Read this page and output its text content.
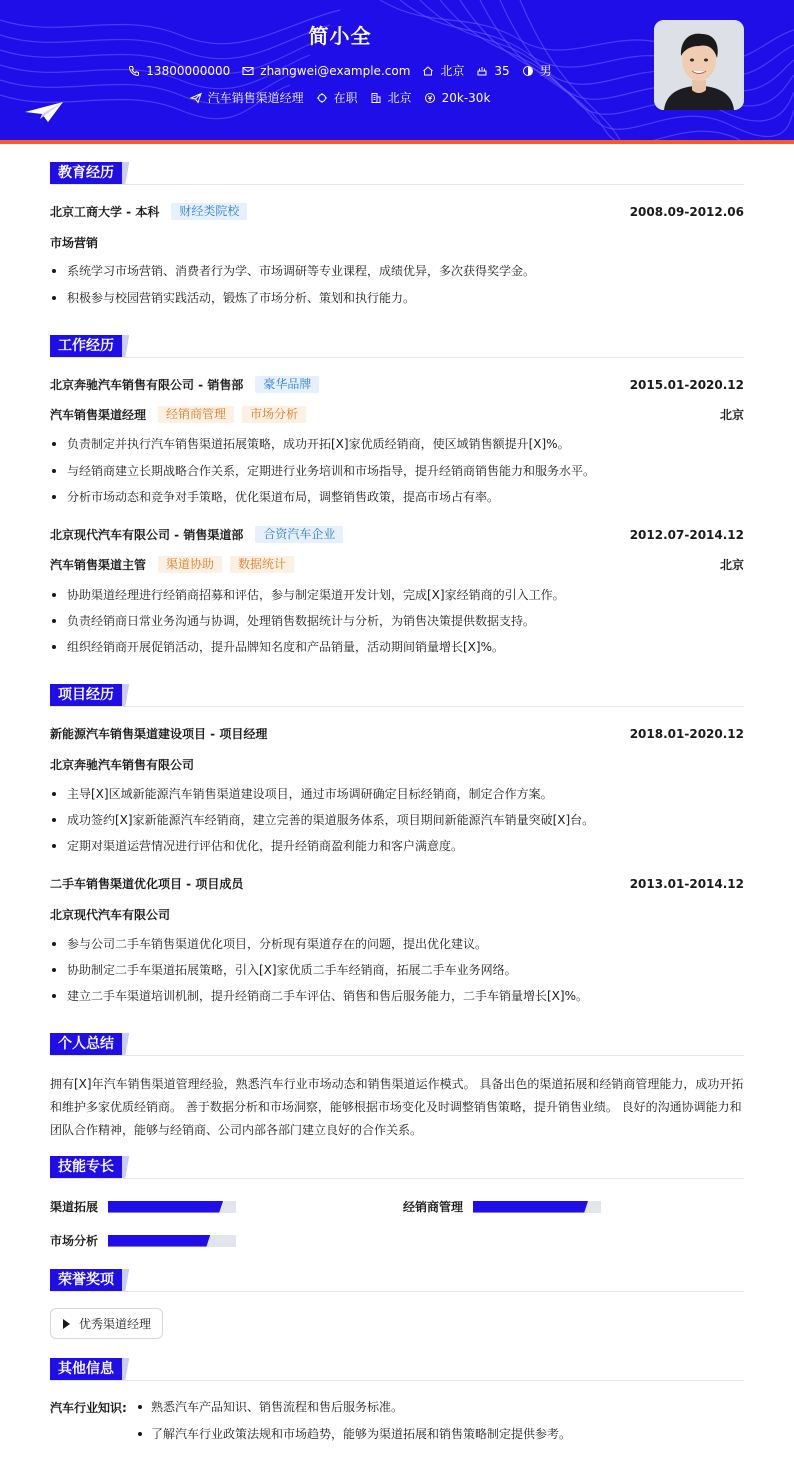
简小全
13800000000	zhangwei@example.com	北京	35	男
汽车销售渠道经理	在职	北京	20k-30k
教育经历
北京工商大学 - 本科	财经类院校	2008.09-2012.06
市场营销
系统学习市场营销、消费者行为学、市场调研等专业课程，成绩优异，多次获得奖学金。
积极参与校园营销实践活动，锻炼了市场分析、策划和执行能力。
工作经历
北京奔驰汽车销售有限公司 - 销售部	豪华品牌	2015.01-2020.12
汽车销售渠道经理	经销商管理	市场分析	北京
负责制定并执行汽车销售渠道拓展策略，成功开拓[X]家优质经销商，使区域销售额提升[X]%。
与经销商建立长期战略合作关系，定期进行业务培训和市场指导，提升经销商销售能力和服务水平。
分析市场动态和竞争对手策略，优化渠道布局，调整销售政策，提高市场占有率。
北京现代汽车有限公司 - 销售渠道部	合资汽车企业	2012.07-2014.12
汽车销售渠道主管	渠道协助	数据统计	北京
协助渠道经理进行经销商招募和评估，参与制定渠道开发计划，完成[X]家经销商的引入工作。
负责经销商日常业务沟通与协调，处理销售数据统计与分析，为销售决策提供数据支持。
组织经销商开展促销活动，提升品牌知名度和产品销量，活动期间销量增长[X]%。
项目经历
新能源汽车销售渠道建设项目 - 项目经理	2018.01-2020.12
北京奔驰汽车销售有限公司
主导[X]区域新能源汽车销售渠道建设项目，通过市场调研确定目标经销商，制定合作方案。
成功签约[X]家新能源汽车经销商，建立完善的渠道服务体系，项目期间新能源汽车销量突破[X]台。
定期对渠道运营情况进行评估和优化，提升经销商盈利能力和客户满意度。
二手车销售渠道优化项目 - 项目成员	2013.01-2014.12
北京现代汽车有限公司
参与公司二手车销售渠道优化项目，分析现有渠道存在的问题，提出优化建议。
协助制定二手车渠道拓展策略，引入[X]家优质二手车经销商，拓展二手车业务网络。
建立二手车渠道培训机制，提升经销商二手车评估、销售和售后服务能力，二手车销量增长[X]%。
个人总结
拥有[X]年汽车销售渠道管理经验，熟悉汽车行业市场动态和销售渠道运作模式。 具备出色的渠道拓展和经销商管理能力，成功开拓和维护多家优质经销商。 善于数据分析和市场洞察，能够根据市场变化及时调整销售策略，提升销售业绩。 良好的沟通协调能力和团队合作精神，能够与经销商、公司内部各部门建立良好的合作关系。
技能专长
渠道拓展	经销商管理
市场分析
荣誉奖项
优秀渠道经理
其他信息
汽车行业知识:	熟悉汽车产品知识、销售流程和售后服务标准。
了解汽车行业政策法规和市场趋势，能够为渠道拓展和销售策略制定提供参考。
